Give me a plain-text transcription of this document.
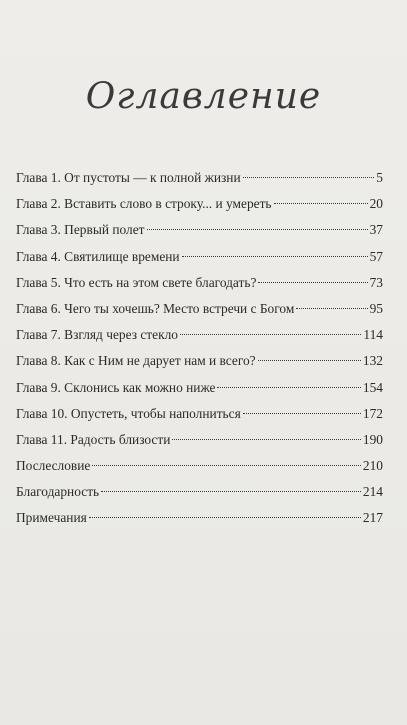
Оглавление
Глава 1. От пустоты — к полной жизни	5
Глава 2. Вставить слово в строку... и умереть	20
Глава 3. Первый полет	37
Глава 4. Святилище времени	57
Глава 5. Что есть на этом свете благодать?	73
Глава 6. Чего ты хочешь? Место встречи с Богом	95
Глава 7. Взгляд через стекло	114
Глава 8. Как с Ним не дарует нам и всего?	132
Глава 9. Склонись как можно ниже	154
Глава 10. Опустеть, чтобы наполниться	172
Глава 11. Радость близости	190
Послесловие	210
Благодарность	214
Примечания	217
